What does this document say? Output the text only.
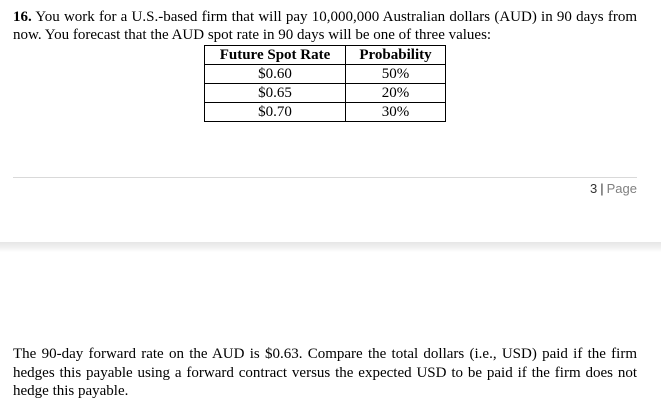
16. You work for a U.S.-based firm that will pay 10,000,000 Australian dollars (AUD) in 90 days from now. You forecast that the AUD spot rate in 90 days will be one of three values:

Future Spot Rate	Probability
$0.60	50%
$0.65	20%
$0.70	30%
3 | Page

The 90-day forward rate on the AUD is $0.63. Compare the total dollars (i.e., USD) paid if the firm hedges this payable using a forward contract versus the expected USD to be paid if the firm does not hedge this payable.
